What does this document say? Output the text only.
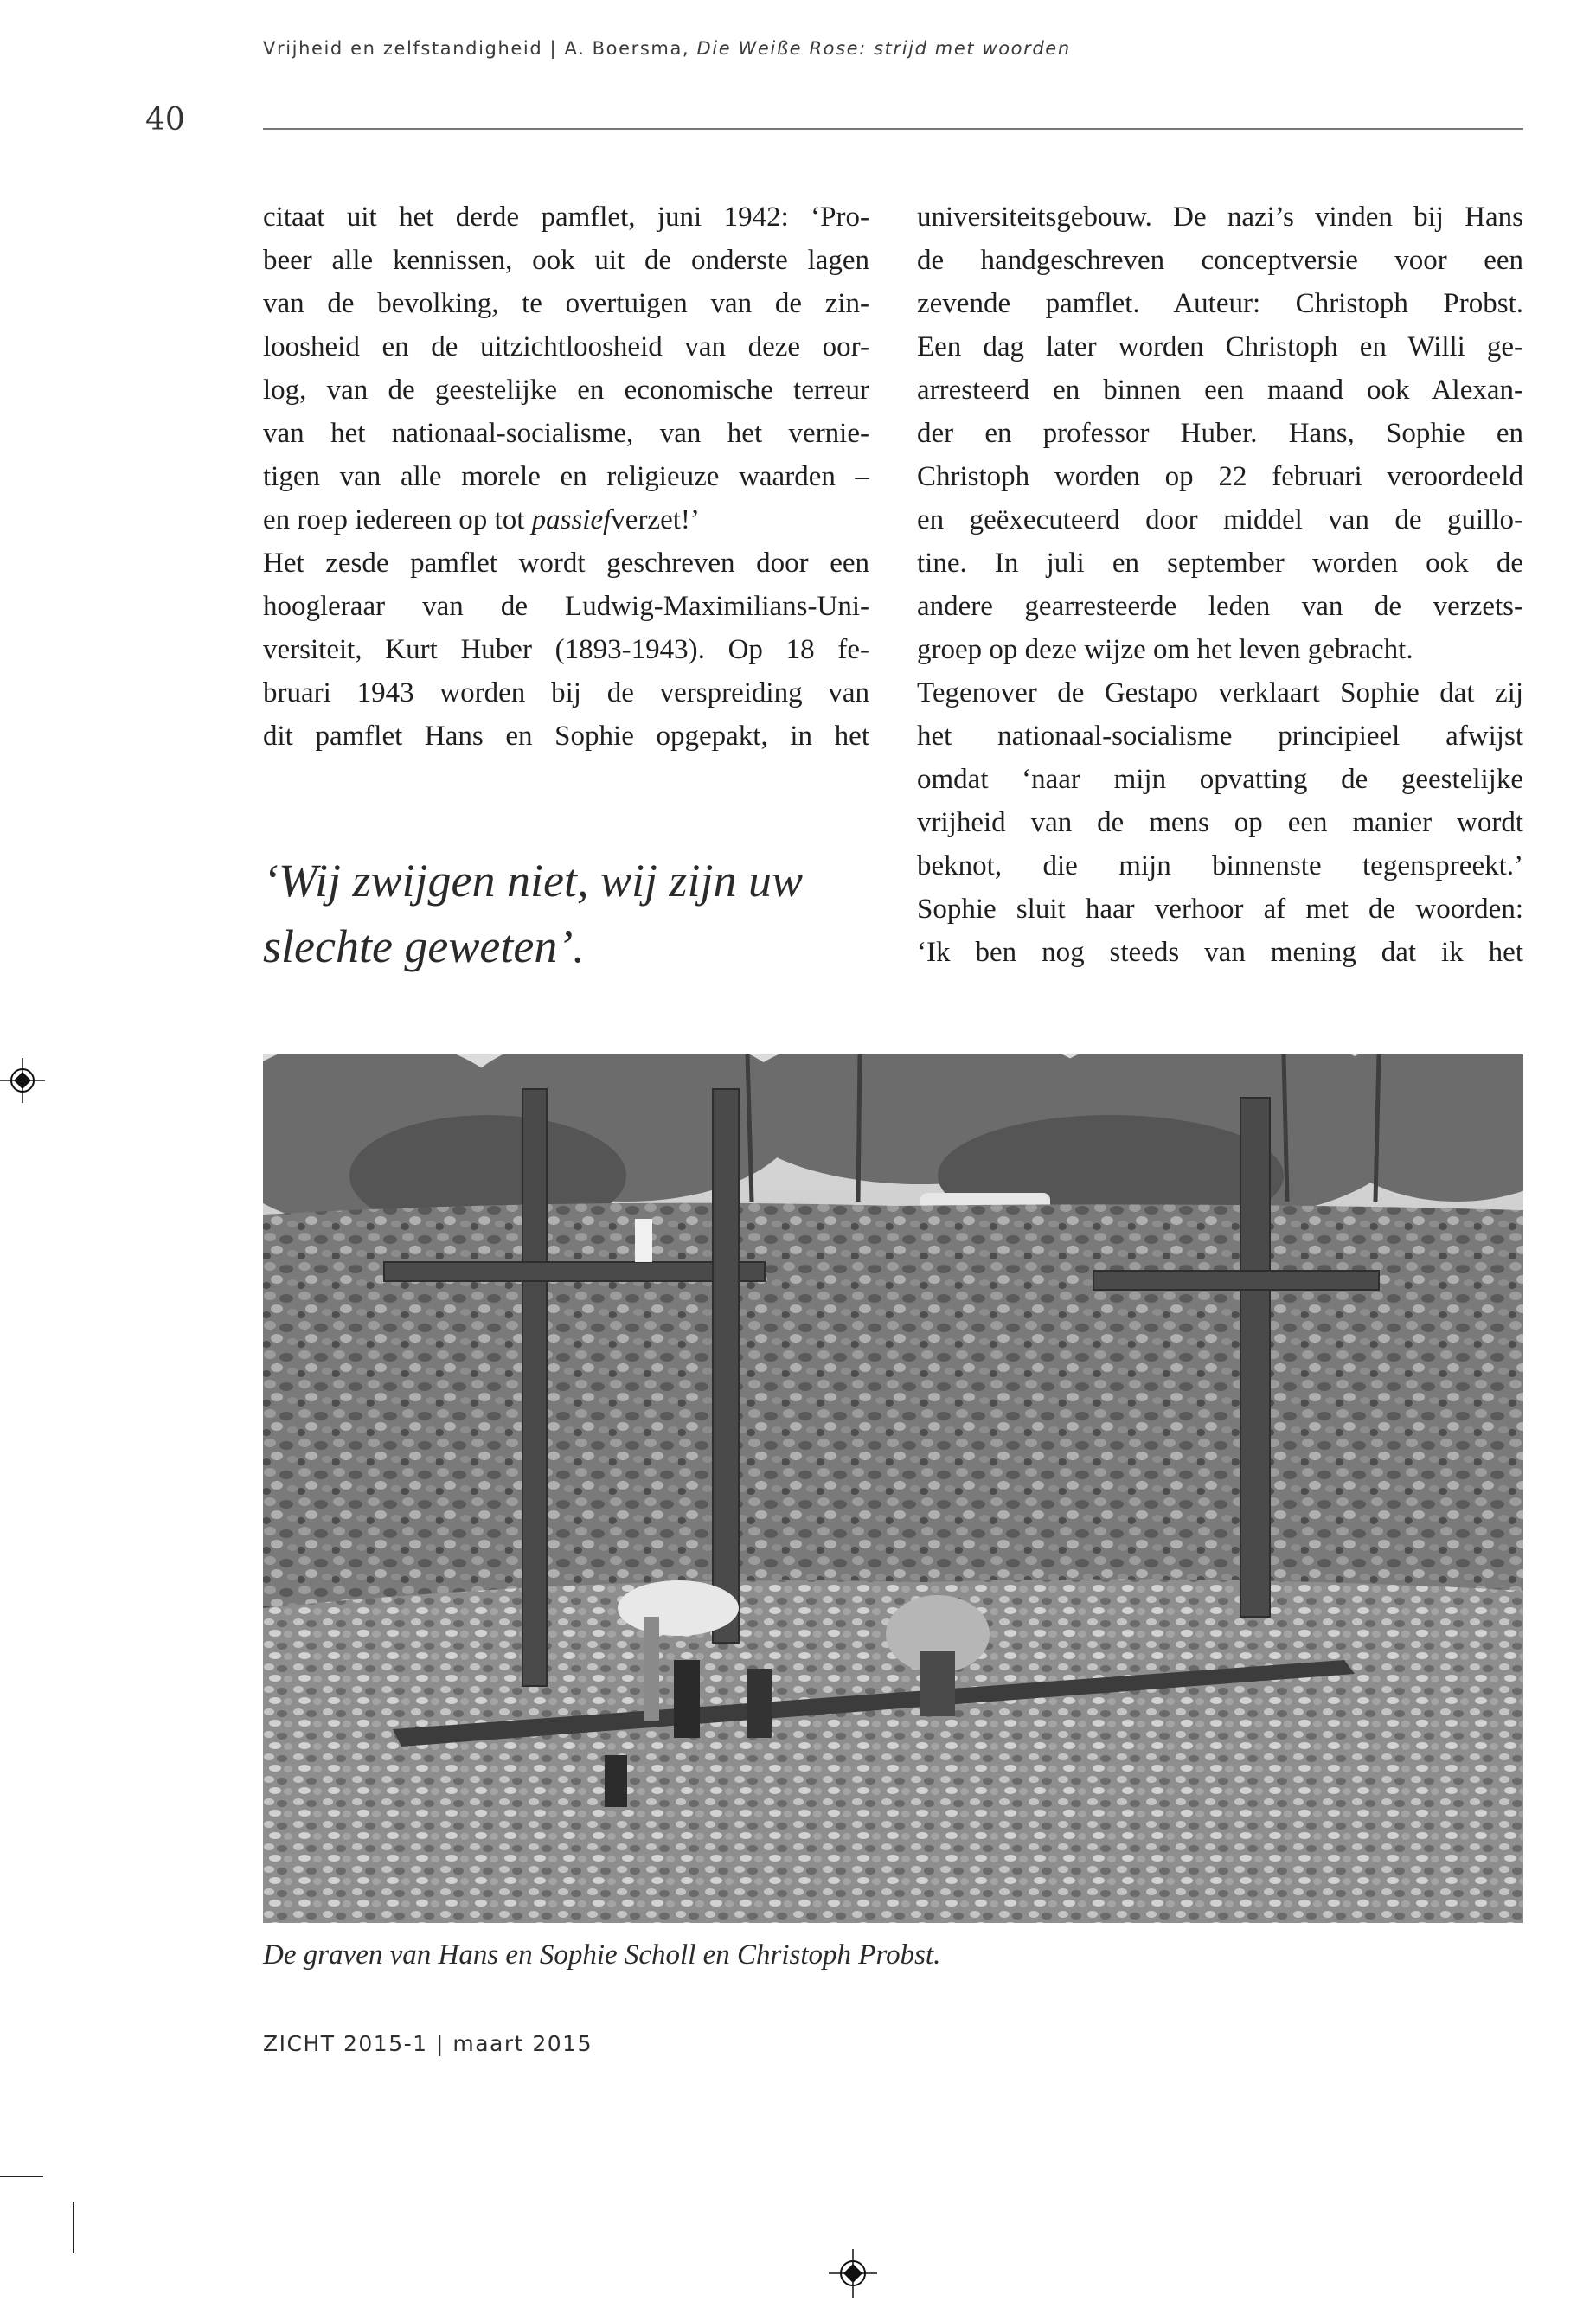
Vrijheid en zelfstandigheid | A. Boersma, Die Weiße Rose: strijd met woorden
40
citaat uit het derde pamflet, juni 1942: ‘Pro-
beer alle kennissen, ook uit de onderste lagen
van de bevolking, te overtuigen van de zin-
loosheid en de uitzichtloosheid van deze oor-
log, van de geestelijke en economische terreur
van het nationaal-socialisme, van het vernie-
tigen van alle morele en religieuze waarden –
en roep iedereen op tot passiefverzet!’
Het zesde pamflet wordt geschreven door een
hoogleraar van de Ludwig-Maximilians-Uni-
versiteit, Kurt Huber (1893-1943). Op 18 fe-
bruari 1943 worden bij de verspreiding van
dit pamflet Hans en Sophie opgepakt, in het
‘Wij zwijgen niet, wij zijn uw
slechte geweten’.
universiteitsgebouw. De nazi’s vinden bij Hans
de handgeschreven conceptversie voor een
zevende pamflet. Auteur: Christoph Probst.
Een dag later worden Christoph en Willi ge-
arresteerd en binnen een maand ook Alexan-
der en professor Huber. Hans, Sophie en
Christoph worden op 22 februari veroordeeld
en geëxecuteerd door middel van de guillo-
tine. In juli en september worden ook de
andere gearresteerde leden van de verzets-
groep op deze wijze om het leven gebracht.
Tegenover de Gestapo verklaart Sophie dat zij
het nationaal-socialisme principieel afwijst
omdat ‘naar mijn opvatting de geestelijke
vrijheid van de mens op een manier wordt
beknot, die mijn binnenste tegenspreekt.’
Sophie sluit haar verhoor af met de woorden:
‘Ik ben nog steeds van mening dat ik het
De graven van Hans en Sophie Scholl en Christoph Probst.
ZICHT 2015-1 | maart 2015
